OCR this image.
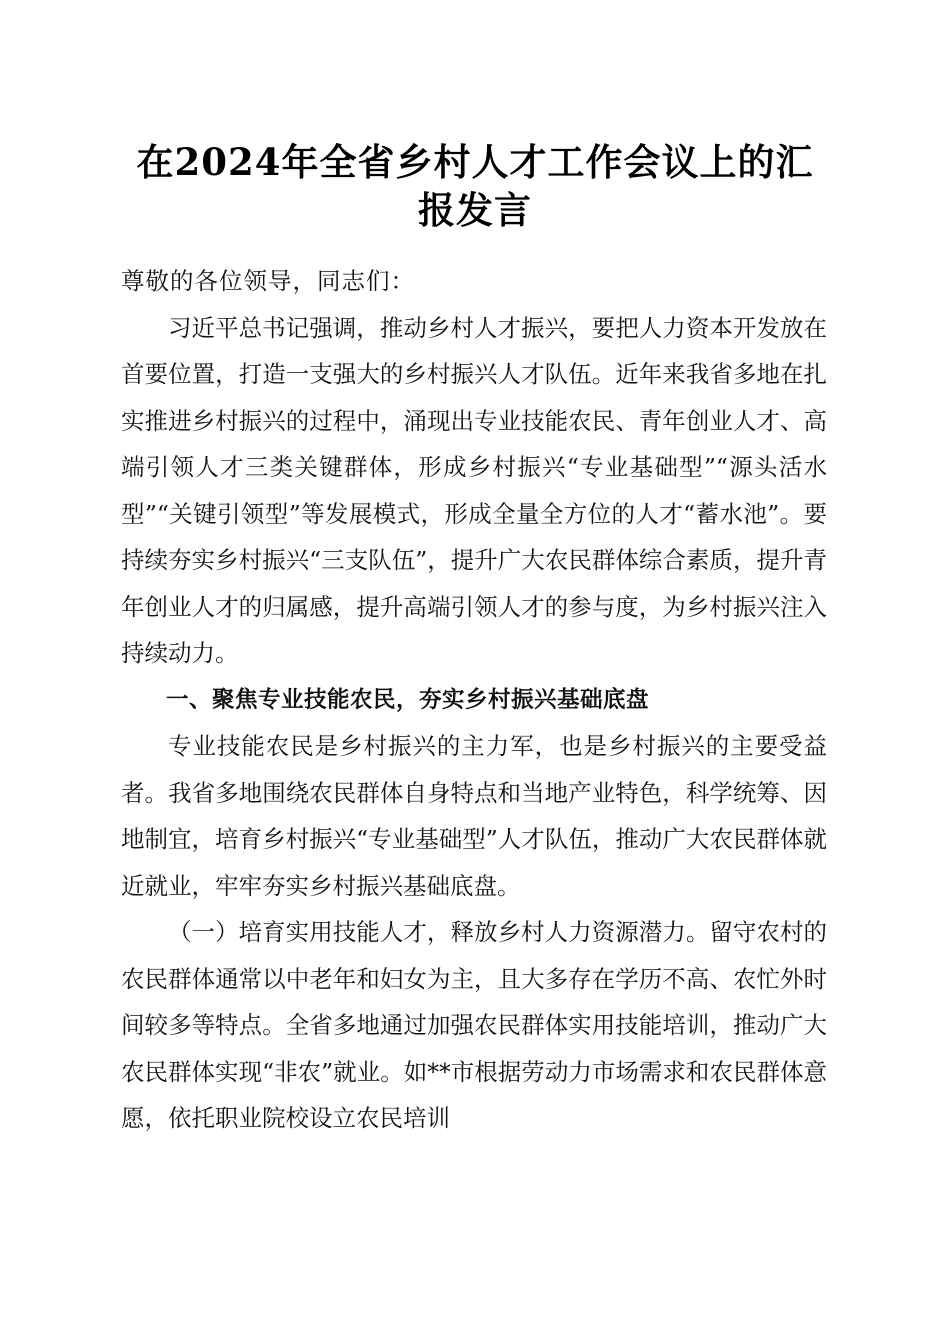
在2024年全省乡村人才工作会议上的汇报发言

尊敬的各位领导，同志们：

习近平总书记强调，推动乡村人才振兴，要把人力资本开发放在首要位置，打造一支强大的乡村振兴人才队伍。近年来我省多地在扎实推进乡村振兴的过程中，涌现出专业技能农民、青年创业人才、高端引领人才三类关键群体，形成乡村振兴“专业基础型”“源头活水型”“关键引领型”等发展模式，形成全量全方位的人才“蓄水池”。要持续夯实乡村振兴“三支队伍”，提升广大农民群体综合素质，提升青年创业人才的归属感，提升高端引领人才的参与度，为乡村振兴注入持续动力。

一、聚焦专业技能农民，夯实乡村振兴基础底盘

专业技能农民是乡村振兴的主力军，也是乡村振兴的主要受益者。我省多地围绕农民群体自身特点和当地产业特色，科学统筹、因地制宜，培育乡村振兴“专业基础型”人才队伍，推动广大农民群体就近就业，牢牢夯实乡村振兴基础底盘。

（一）培育实用技能人才，释放乡村人力资源潜力。留守农村的农民群体通常以中老年和妇女为主，且大多存在学历不高、农忙外时间较多等特点。全省多地通过加强农民群体实用技能培训，推动广大农民群体实现“非农”就业。如**市根据劳动力市场需求和农民群体意愿，依托职业院校设立农民培训
